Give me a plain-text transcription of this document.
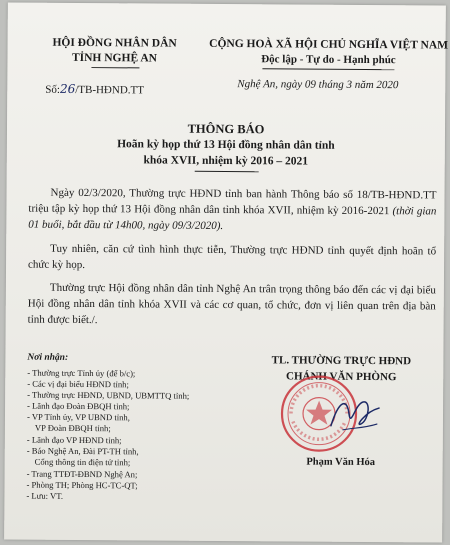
HỘI ĐỒNG NHÂN DÂN
TỈNH NGHỆ AN
CỘNG HOÀ XÃ HỘI CHỦ NGHĨA VIỆT NAM
Độc lập - Tự do - Hạnh phúc
Số:26/TB-HĐND.TT	Nghệ An, ngày 09 tháng 3 năm 2020
THÔNG BÁO
Hoãn kỳ họp thứ 13 Hội đồng nhân dân tỉnh
khóa XVII, nhiệm kỳ 2016 – 2021
  Ngày 02/3/2020, Thường trực HĐND tỉnh ban hành Thông báo số 18/TB-HĐND.TT triệu tập kỳ họp thứ 13 Hội đồng nhân dân tỉnh khóa XVII, nhiệm kỳ 2016-2021 (thời gian 01 buổi, bắt đầu từ 14h00, ngày 09/3/2020).
  Tuy nhiên, căn cứ tình hình thực tiễn, Thường trực HĐND tỉnh quyết định hoãn tổ chức kỳ họp.
  Thường trực Hội đồng nhân dân tỉnh Nghệ An trân trọng thông báo đến các vị đại biểu Hội đồng nhân dân tỉnh khóa XVII và các cơ quan, tổ chức, đơn vị liên quan trên địa bàn tỉnh được biết./.
Nơi nhận:
- Thường trực Tỉnh ủy (để b/c);
- Các vị đại biểu HĐND tỉnh;
- Thường trực HĐND, UBND, UBMTTQ tỉnh;
- Lãnh đạo Đoàn ĐBQH tỉnh;
- VP Tỉnh ủy, VP UBND tỉnh,
VP Đoàn ĐBQH tỉnh;
- Lãnh đạo VP HĐND tỉnh;
- Báo Nghệ An, Đài PT-TH tỉnh,
Cổng thông tin điện tử tỉnh;
- Trang TTĐT-ĐBND Nghệ An;
- Phòng TH; Phòng HC-TC-QT;
- Lưu: VT.
TL. THƯỜNG TRỰC HĐND
CHÁNH VĂN PHÒNG
Phạm Văn Hóa
